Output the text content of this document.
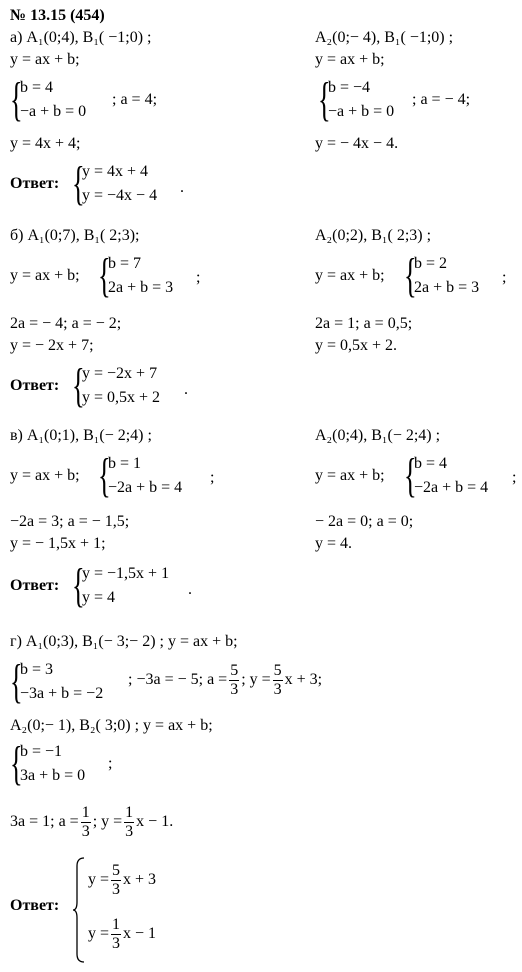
№ 13.15 (454)
а) A₁(0;4), B₁( −1;0) ;
y = ax + b;
{
b = 4
−a + b = 0
; a = 4;
y = 4x + 4;
A₂(0;− 4), B₁( −1;0) ;
y = ax + b;
{
b = −4
−a + b = 0
; a = − 4;
y = − 4x − 4.
Ответ: {
y = 4x + 4
y = −4x − 4 .
б) A₁(0;7), B₁( 2;3);
y = ax + b; {
b = 7
2a + b = 3
;
2a = − 4; a = − 2;
y = − 2x + 7;
A₂(0;2), B₁( 2;3) ;
y = ax + b; {
b = 2
2a + b = 3
;
2a = 1; a = 0,5;
y = 0,5x + 2.
Ответ: {
y = −2x + 7
y = 0,5x + 2 .
в) A₁(0;1), B₁(− 2;4) ;
y = ax + b; {
b = 1
−2a + b = 4
;
−2a = 3; a = − 1,5;
y = − 1,5x + 1;
A₂(0;4), B₁(− 2;4) ;
y = ax + b; {
b = 4
−2a + b = 4
;
− 2a = 0; a = 0;
y = 4.
Ответ: {
y = −1,5x + 1
y = 4	.
г) A₁(0;3), B₁(− 3;− 2) ; y = ax + b;
{
b = 3
−3a + b = −2
; −3a = − 5; $a = \frac{5}{3}$ ; $y = \frac{5}{3}$ x + 3;
A₂(0;− 1), B₂( 3;0) ; y = ax + b;
{
b = −1
3a + b = 0
;
3a = 1; $a = \frac{1}{3}$ ; $y = \frac{1}{3}$ x − 1.
Ответ:
$y = \frac{5}{3}$ x + 3
$y = \frac{1}{3}$ x − 1
